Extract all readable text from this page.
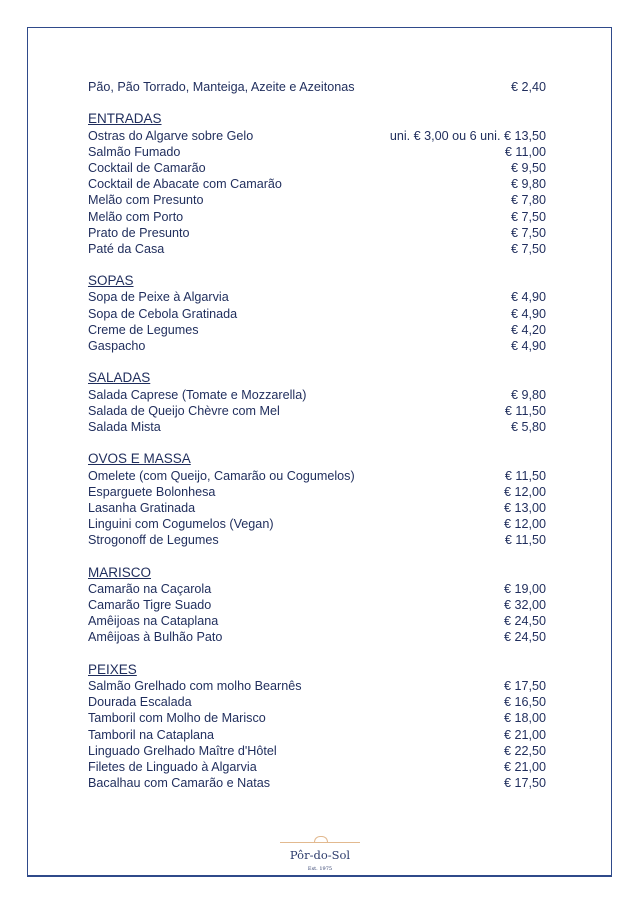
Pão, Pão Torrado, Manteiga, Azeite e Azeitonas	€ 2,40
ENTRADAS
Ostras do Algarve sobre Gelo	uni. € 3,00 ou 6 uni. € 13,50
Salmão Fumado	€ 11,00
Cocktail de Camarão	€ 9,50
Cocktail de Abacate com Camarão	€ 9,80
Melão com Presunto	€ 7,80
Melão com Porto	€ 7,50
Prato de Presunto	€ 7,50
Paté da Casa	€ 7,50
SOPAS
Sopa de Peixe à Algarvia	€ 4,90
Sopa de Cebola Gratinada	€ 4,90
Creme de Legumes	€ 4,20
Gaspacho	€ 4,90
SALADAS
Salada Caprese (Tomate e Mozzarella)	€ 9,80
Salada de Queijo Chèvre com Mel	€ 11,50
Salada Mista	€ 5,80
OVOS E MASSA
Omelete (com Queijo, Camarão ou Cogumelos)	€ 11,50
Esparguete Bolonhesa	€ 12,00
Lasanha Gratinada	€ 13,00
Linguini com Cogumelos (Vegan)	€ 12,00
Strogonoff de Legumes	€ 11,50
MARISCO
Camarão na Caçarola	€ 19,00
Camarão Tigre Suado	€ 32,00
Amêijoas na Cataplana	€ 24,50
Amêijoas à Bulhão Pato	€ 24,50
PEIXES
Salmão Grelhado com molho Bearnês	€ 17,50
Dourada Escalada	€ 16,50
Tamboril com Molho de Marisco	€ 18,00
Tamboril na Cataplana	€ 21,00
Linguado Grelhado Maître d'Hôtel	€ 22,50
Filetes de Linguado à Algarvia	€ 21,00
Bacalhau com Camarão e Natas	€ 17,50
Pôr-do-Sol
Est. 1975
